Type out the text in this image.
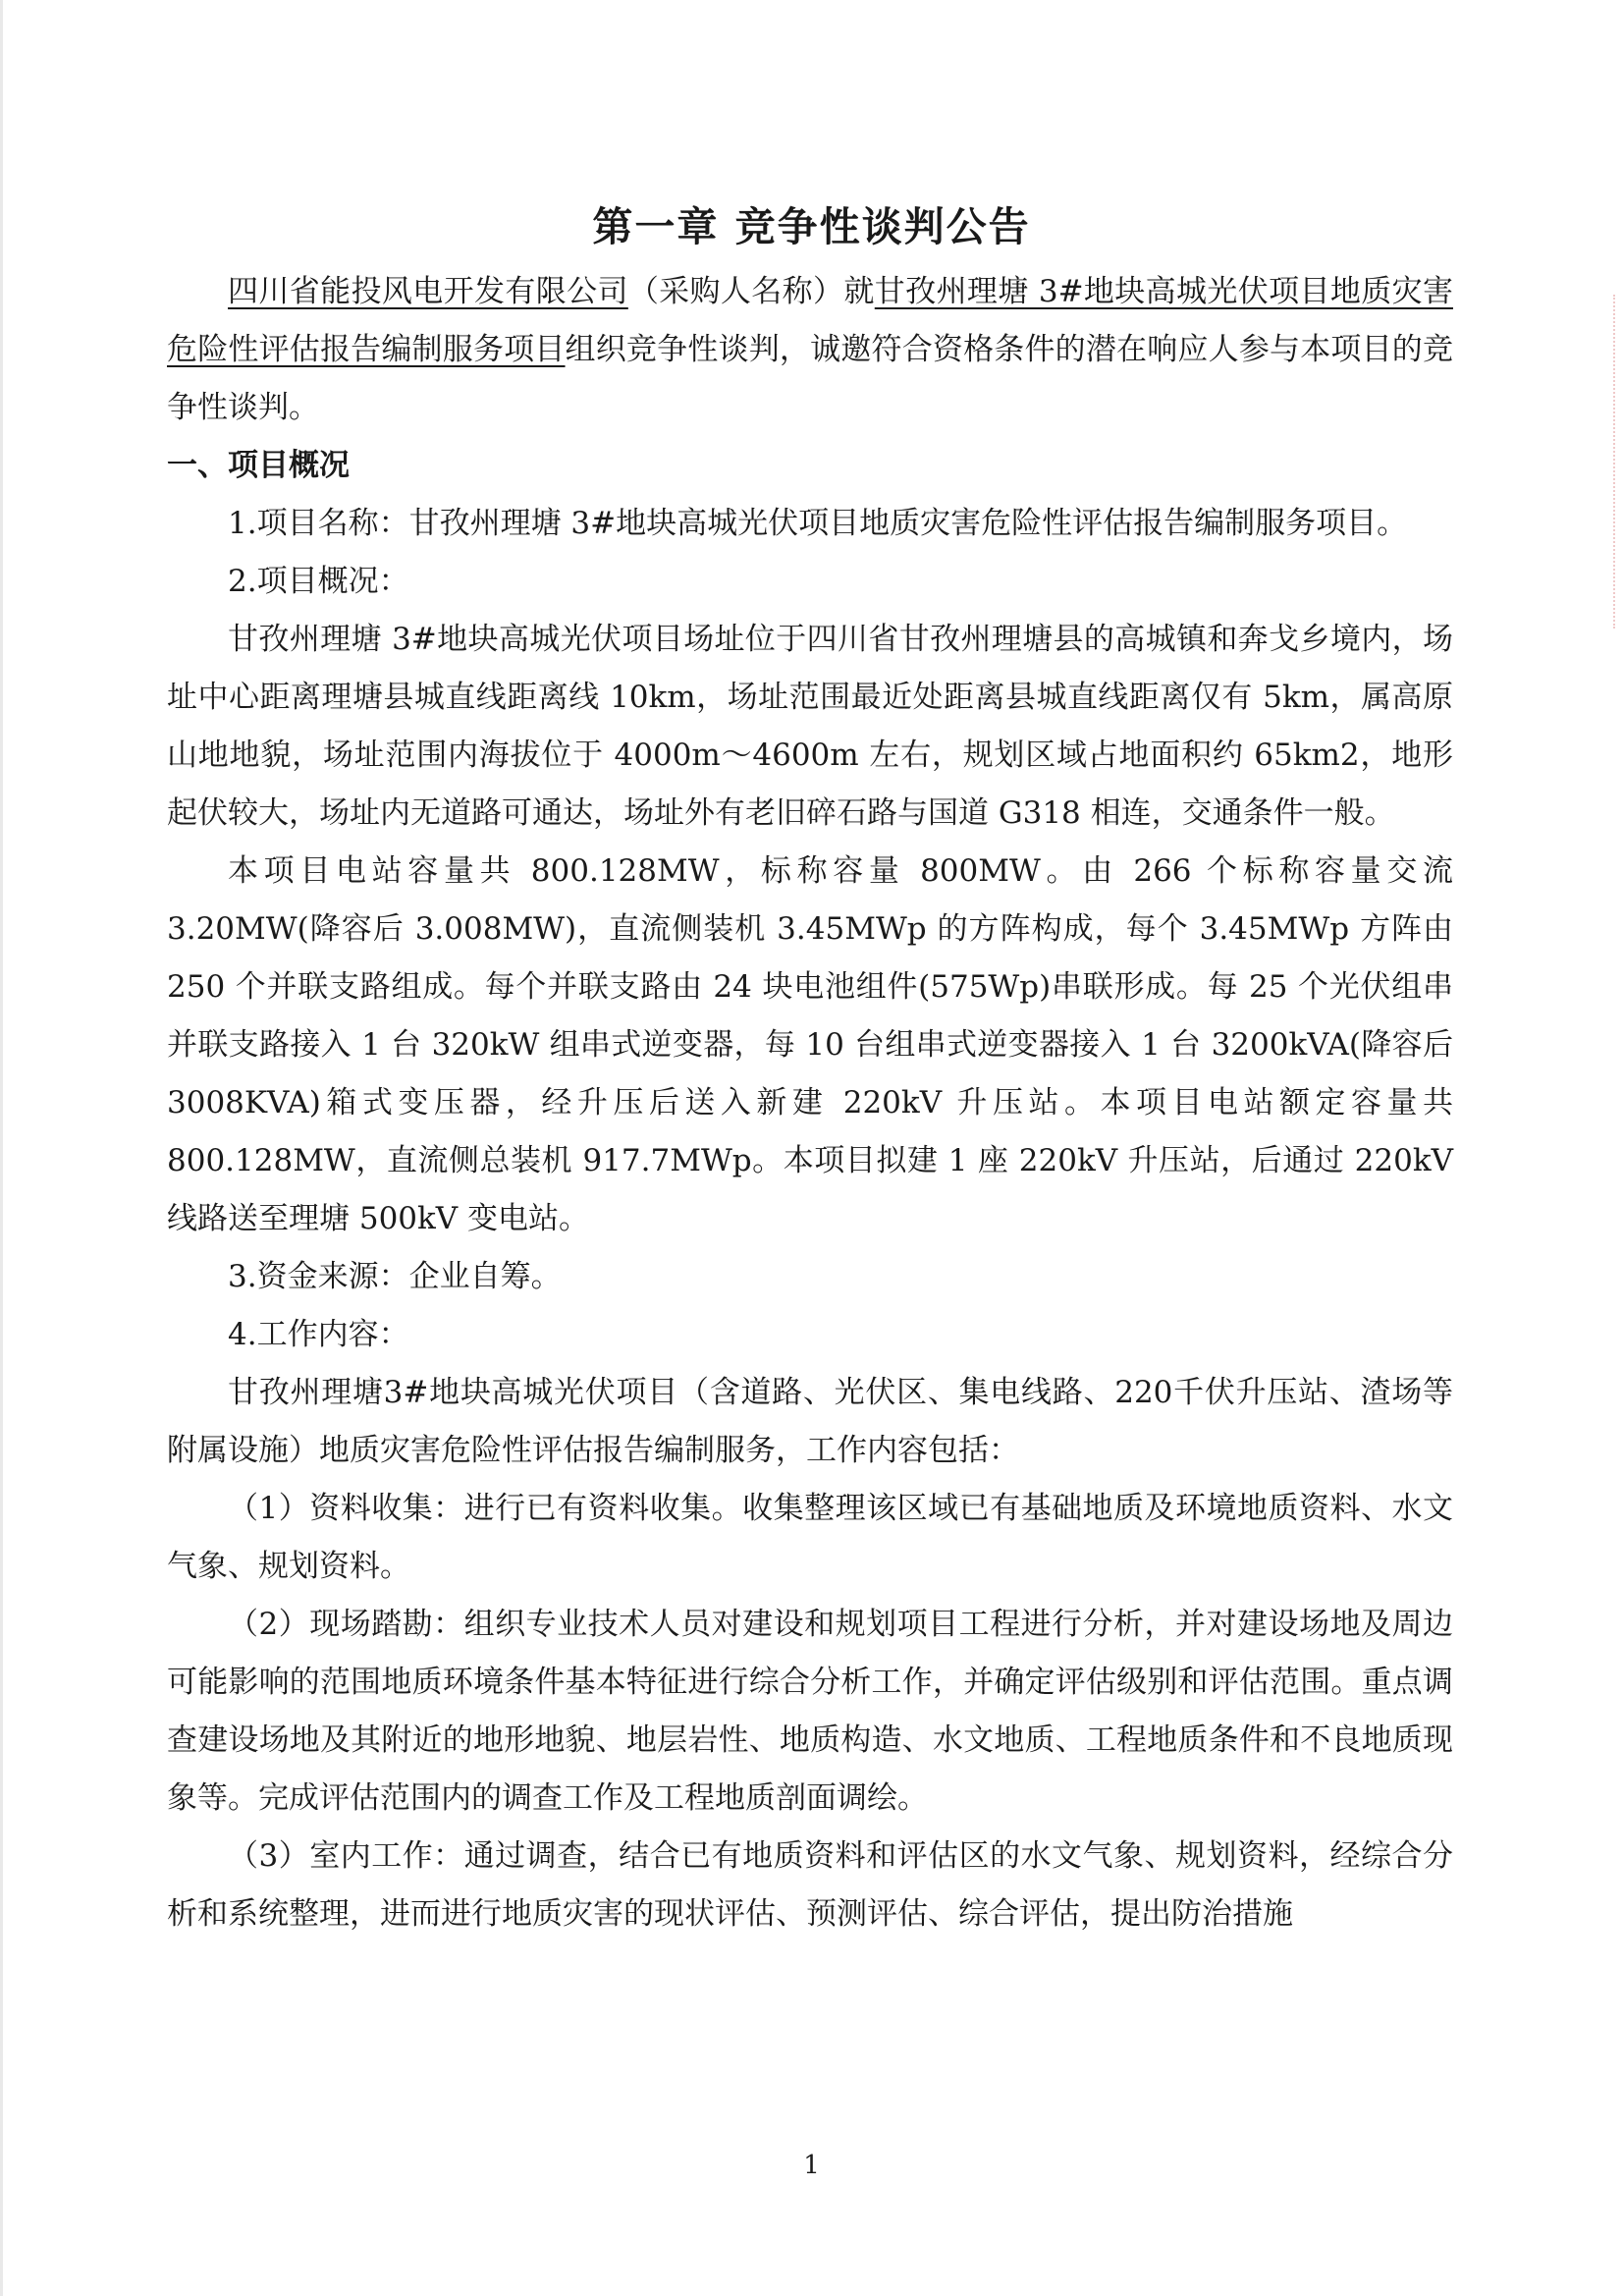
第一章 竞争性谈判公告

四川省能投风电开发有限公司（采购人名称）就甘孜州理塘 3#地块高城光伏项目地质灾害危险性评估报告编制服务项目组织竞争性谈判，诚邀符合资格条件的潜在响应人参与本项目的竞争性谈判。

一、项目概况

1.项目名称：甘孜州理塘 3#地块高城光伏项目地质灾害危险性评估报告编制服务项目。

2.项目概况：

甘孜州理塘 3#地块高城光伏项目场址位于四川省甘孜州理塘县的高城镇和奔戈乡境内，场址中心距离理塘县城直线距离线 10km，场址范围最近处距离县城直线距离仅有 5km，属高原山地地貌，场址范围内海拔位于 4000m～4600m 左右，规划区域占地面积约 65km2，地形起伏较大，场址内无道路可通达，场址外有老旧碎石路与国道 G318 相连，交通条件一般。

本项目电站容量共 800.128MW，标称容量 800MW。由 266 个标称容量交流 3.20MW(降容后 3.008MW)，直流侧装机 3.45MWp 的方阵构成，每个 3.45MWp 方阵由 250 个并联支路组成。每个并联支路由 24 块电池组件(575Wp)串联形成。每 25 个光伏组串并联支路接入 1 台 320kW 组串式逆变器，每 10 台组串式逆变器接入 1 台 3200kVA(降容后 3008KVA)箱式变压器，经升压后送入新建 220kV 升压站。本项目电站额定容量共 800.128MW，直流侧总装机 917.7MWp。本项目拟建 1 座 220kV 升压站，后通过 220kV 线路送至理塘 500kV 变电站。

3.资金来源：企业自筹。

4.工作内容：

甘孜州理塘3#地块高城光伏项目（含道路、光伏区、集电线路、220千伏升压站、渣场等附属设施）地质灾害危险性评估报告编制服务，工作内容包括：

（1）资料收集：进行已有资料收集。收集整理该区域已有基础地质及环境地质资料、水文气象、规划资料。

（2）现场踏勘：组织专业技术人员对建设和规划项目工程进行分析，并对建设场地及周边可能影响的范围地质环境条件基本特征进行综合分析工作，并确定评估级别和评估范围。重点调查建设场地及其附近的地形地貌、地层岩性、地质构造、水文地质、工程地质条件和不良地质现象等。完成评估范围内的调查工作及工程地质剖面调绘。

（3）室内工作：通过调查，结合已有地质资料和评估区的水文气象、规划资料，经综合分析和系统整理，进而进行地质灾害的现状评估、预测评估、综合评估，提出防治措施

1
